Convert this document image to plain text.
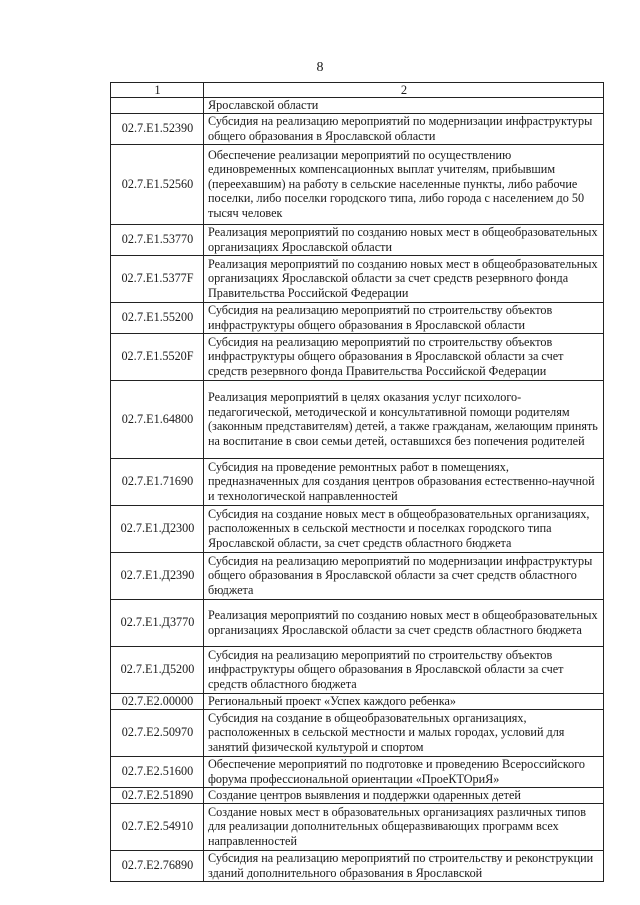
8
1	2
	Ярославской области
02.7.E1.52390	Субсидия на реализацию мероприятий по модернизации инфраструктуры общего образования в Ярославской области
02.7.E1.52560	Обеспечение реализации мероприятий по осуществлению единовременных компенсационных выплат учителям, прибывшим (переехавшим) на работу в сельские населенные пункты, либо рабочие поселки, либо поселки городского типа, либо города с населением до 50 тысяч человек
02.7.E1.53770	Реализация мероприятий по созданию новых мест в общеобразовательных организациях Ярославской области
02.7.E1.5377F	Реализация мероприятий по созданию новых мест в общеобразовательных организациях Ярославской области за счет средств резервного фонда Правительства Российской Федерации
02.7.E1.55200	Субсидия на реализацию мероприятий по строительству объектов инфраструктуры общего образования в Ярославской области
02.7.E1.5520F	Субсидия на реализацию мероприятий по строительству объектов инфраструктуры общего образования в Ярославской области за счет средств резервного фонда Правительства Российской Федерации
02.7.E1.64800	Реализация мероприятий в целях оказания услуг психолого-педагогической, методической и консультативной помощи родителям (законным представителям) детей, а также гражданам, желающим принять на воспитание в свои семьи детей, оставшихся без попечения родителей
02.7.E1.71690	Субсидия на проведение ремонтных работ в помещениях, предназначенных для создания центров образования естественно-научной и технологической направленностей
02.7.E1.Д2300	Субсидия на создание новых мест в общеобразовательных организациях, расположенных в сельской местности и поселках городского типа Ярославской области, за счет средств областного бюджета
02.7.E1.Д2390	Субсидия на реализацию мероприятий по модернизации инфраструктуры общего образования в Ярославской области за счет средств областного бюджета
02.7.E1.Д3770	Реализация мероприятий по созданию новых мест в общеобразовательных организациях Ярославской области за счет средств областного бюджета
02.7.E1.Д5200	Субсидия на реализацию мероприятий по строительству объектов инфраструктуры общего образования в Ярославской области за счет средств областного бюджета
02.7.E2.00000	Региональный проект «Успех каждого ребенка»
02.7.E2.50970	Субсидия на создание в общеобразовательных организациях, расположенных в сельской местности и малых городах, условий для занятий физической культурой и спортом
02.7.E2.51600	Обеспечение мероприятий по подготовке и проведению Всероссийского форума профессиональной ориентации «ПроеКТОриЯ»
02.7.E2.51890	Создание центров выявления и поддержки одаренных детей
02.7.E2.54910	Создание новых мест в образовательных организациях различных типов для реализации дополнительных общеразвивающих программ всех направленностей
02.7.E2.76890	Субсидия на реализацию мероприятий по строительству и реконструкции зданий дополнительного образования в Ярославской
